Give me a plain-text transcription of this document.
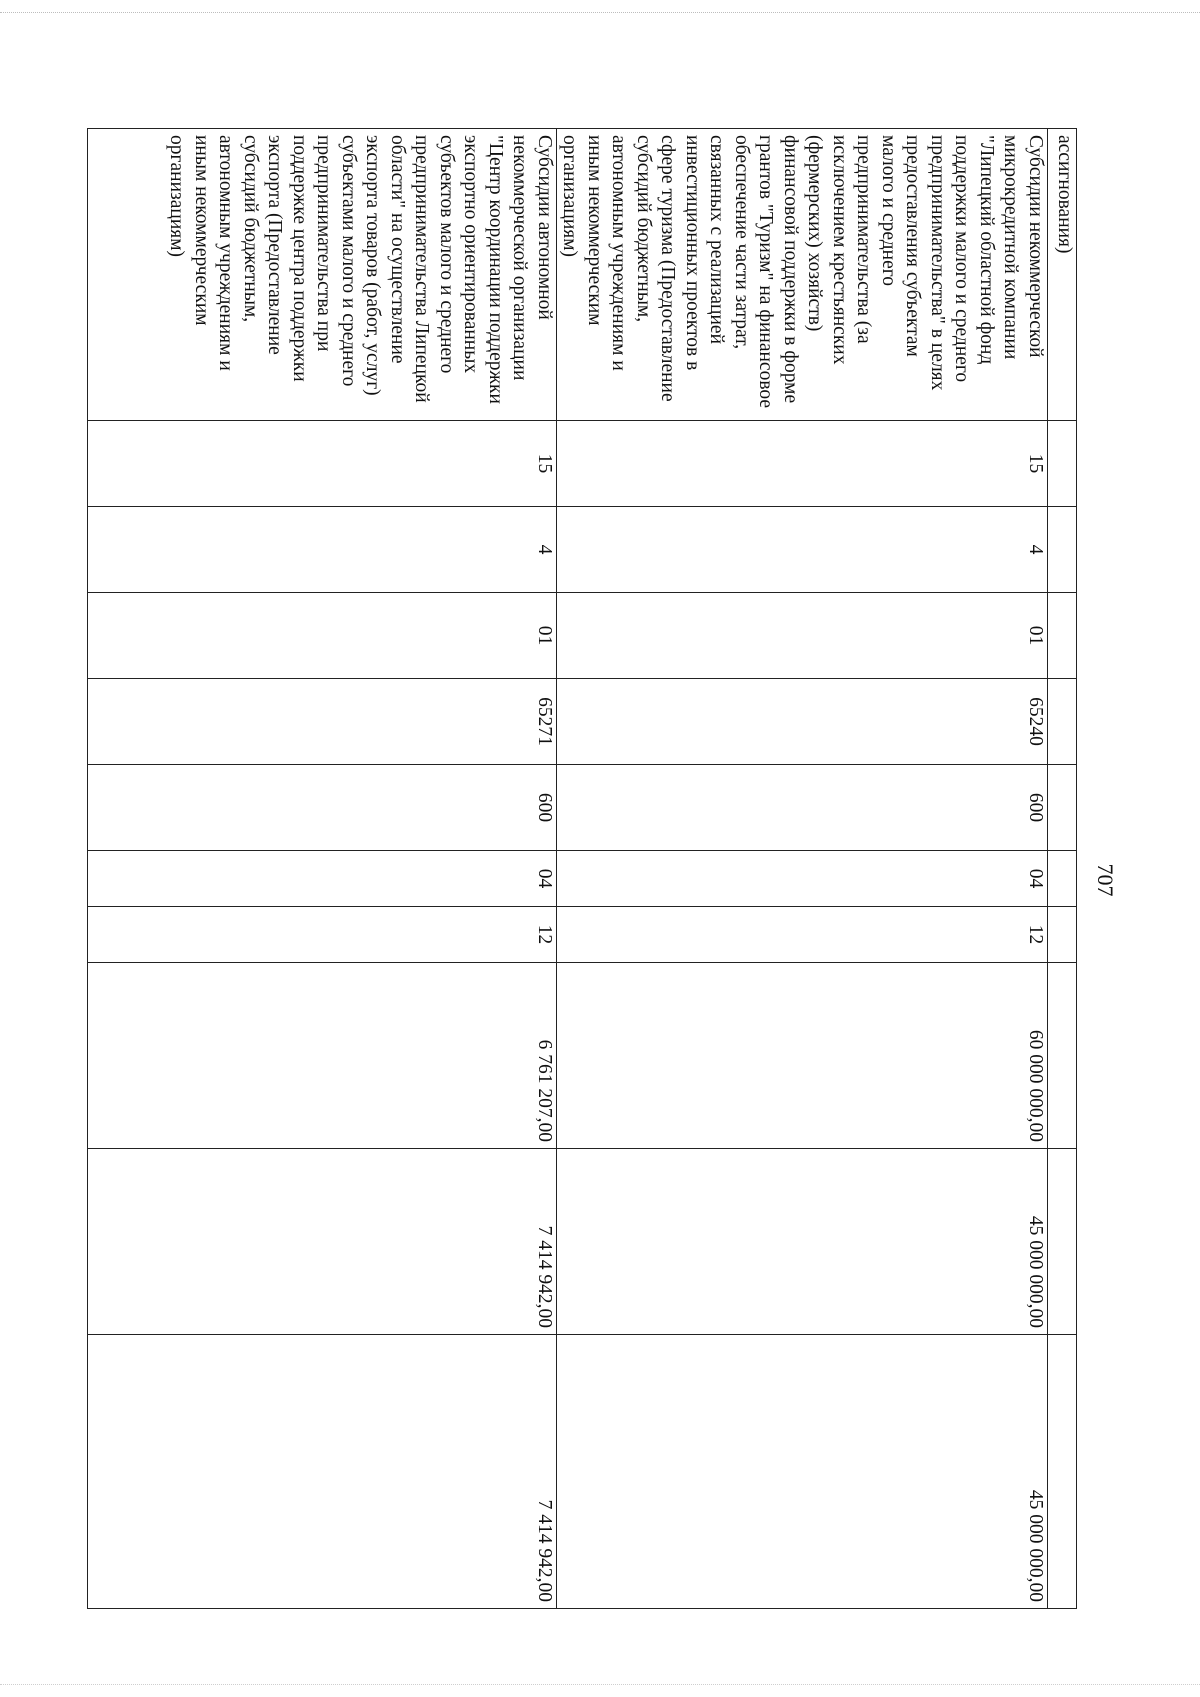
707
ассигнования)										
Субсидии некоммерческой микрокредитной компании "Липецкий областной фонд поддержки малого и среднего предпринимательства" в целях предоставления субъектам малого и среднего предпринимательства (за исключением крестьянских (фермерских) хозяйств) финансовой поддержки в форме грантов "Туризм" на финансовое обеспечение части затрат, связанных с реализацией инвестиционных проектов в сфере туризма (Предоставление субсидий бюджетным, автономным учреждениям и иным некоммерческим организациям)	15	4	01	65240	600	04	12	60 000 000,00	45 000 000,00	45 000 000,00
Субсидии автономной некоммерческой организации "Центр координации поддержки экспортно ориентированных субъектов малого и среднего предпринимательства Липецкой области" на осуществление экспорта товаров (работ, услуг) субъектами малого и среднего предпринимательства при поддержке центра поддержки экспорта (Предоставление субсидий бюджетным, автономным учреждениям и иным некоммерческим организациям)	15	4	01	65271	600	04	12	6 761 207,00	7 414 942,00	7 414 942,00
